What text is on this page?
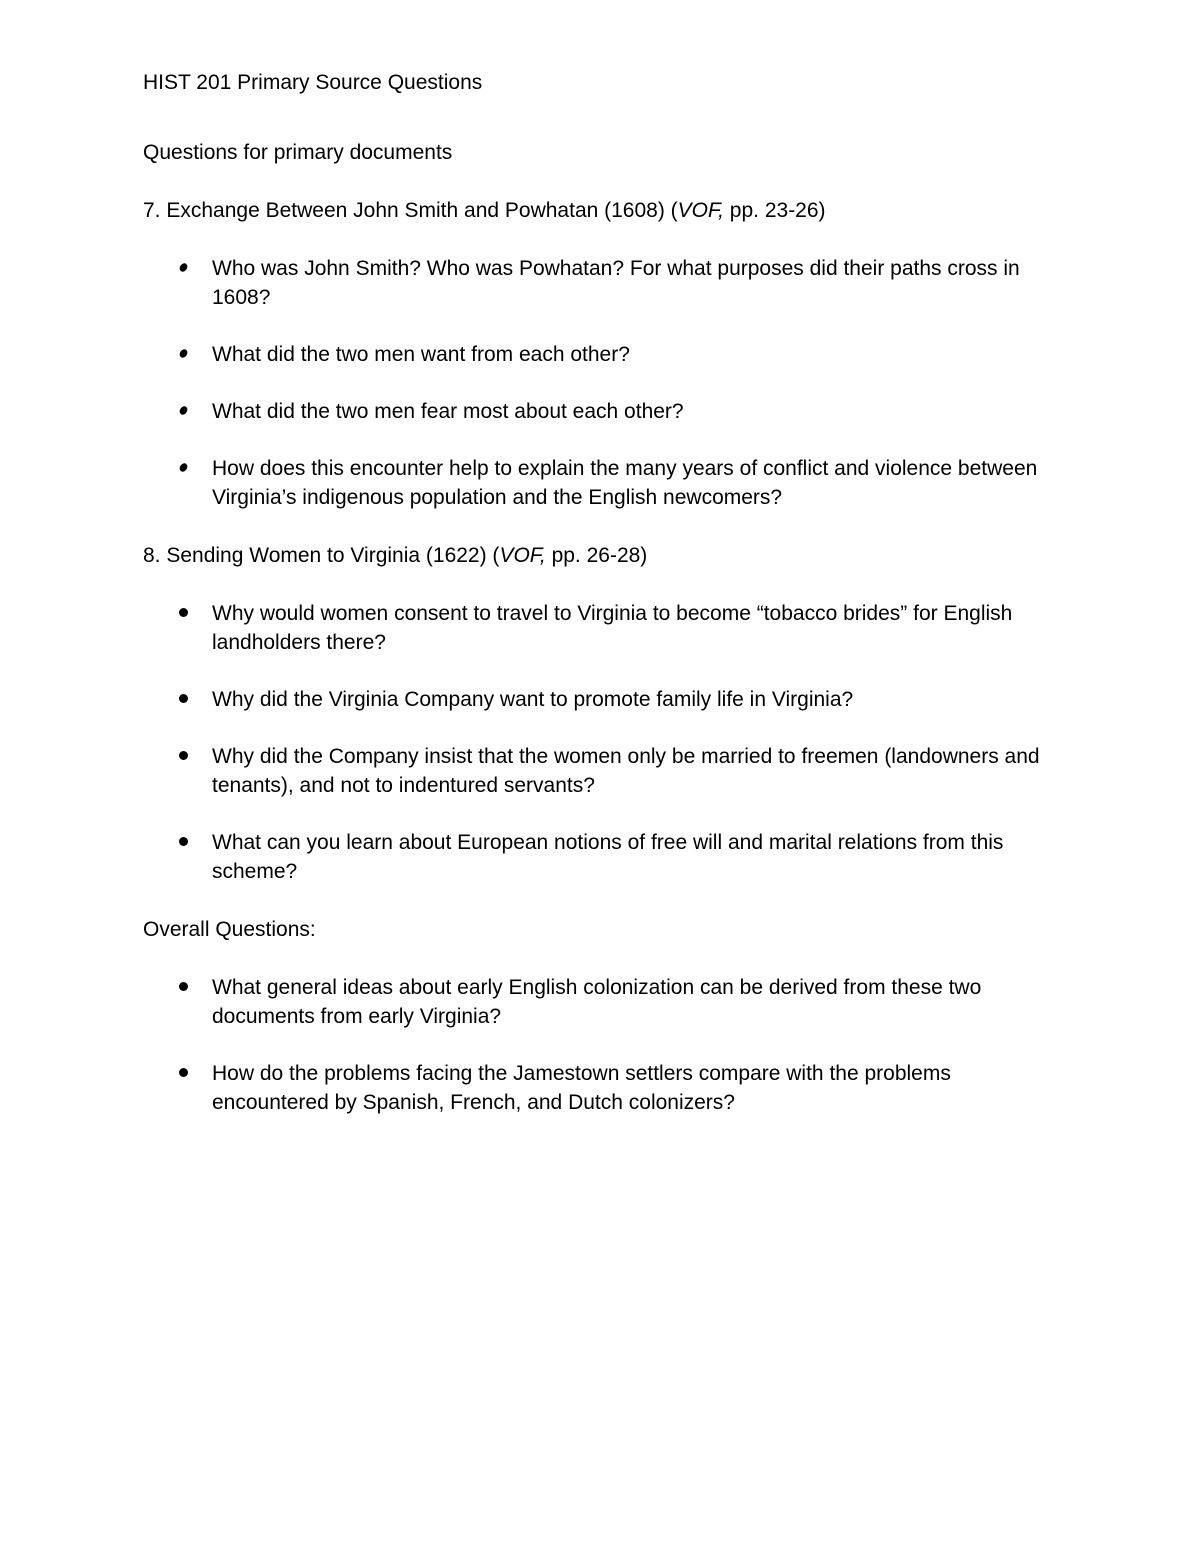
HIST 201 Primary Source Questions

Questions for primary documents

7. Exchange Between John Smith and Powhatan (1608) (VOF, pp. 23-26)

Who was John Smith? Who was Powhatan? For what purposes did their paths cross in 1608?
What did the two men want from each other?
What did the two men fear most about each other?
How does this encounter help to explain the many years of conflict and violence between Virginia’s indigenous population and the English newcomers?

8. Sending Women to Virginia (1622) (VOF, pp. 26-28)

Why would women consent to travel to Virginia to become “tobacco brides” for English landholders there?
Why did the Virginia Company want to promote family life in Virginia?
Why did the Company insist that the women only be married to freemen (landowners and tenants), and not to indentured servants?
What can you learn about European notions of free will and marital relations from this scheme?

Overall Questions:

What general ideas about early English colonization can be derived from these two documents from early Virginia?
How do the problems facing the Jamestown settlers compare with the problems encountered by Spanish, French, and Dutch colonizers?
